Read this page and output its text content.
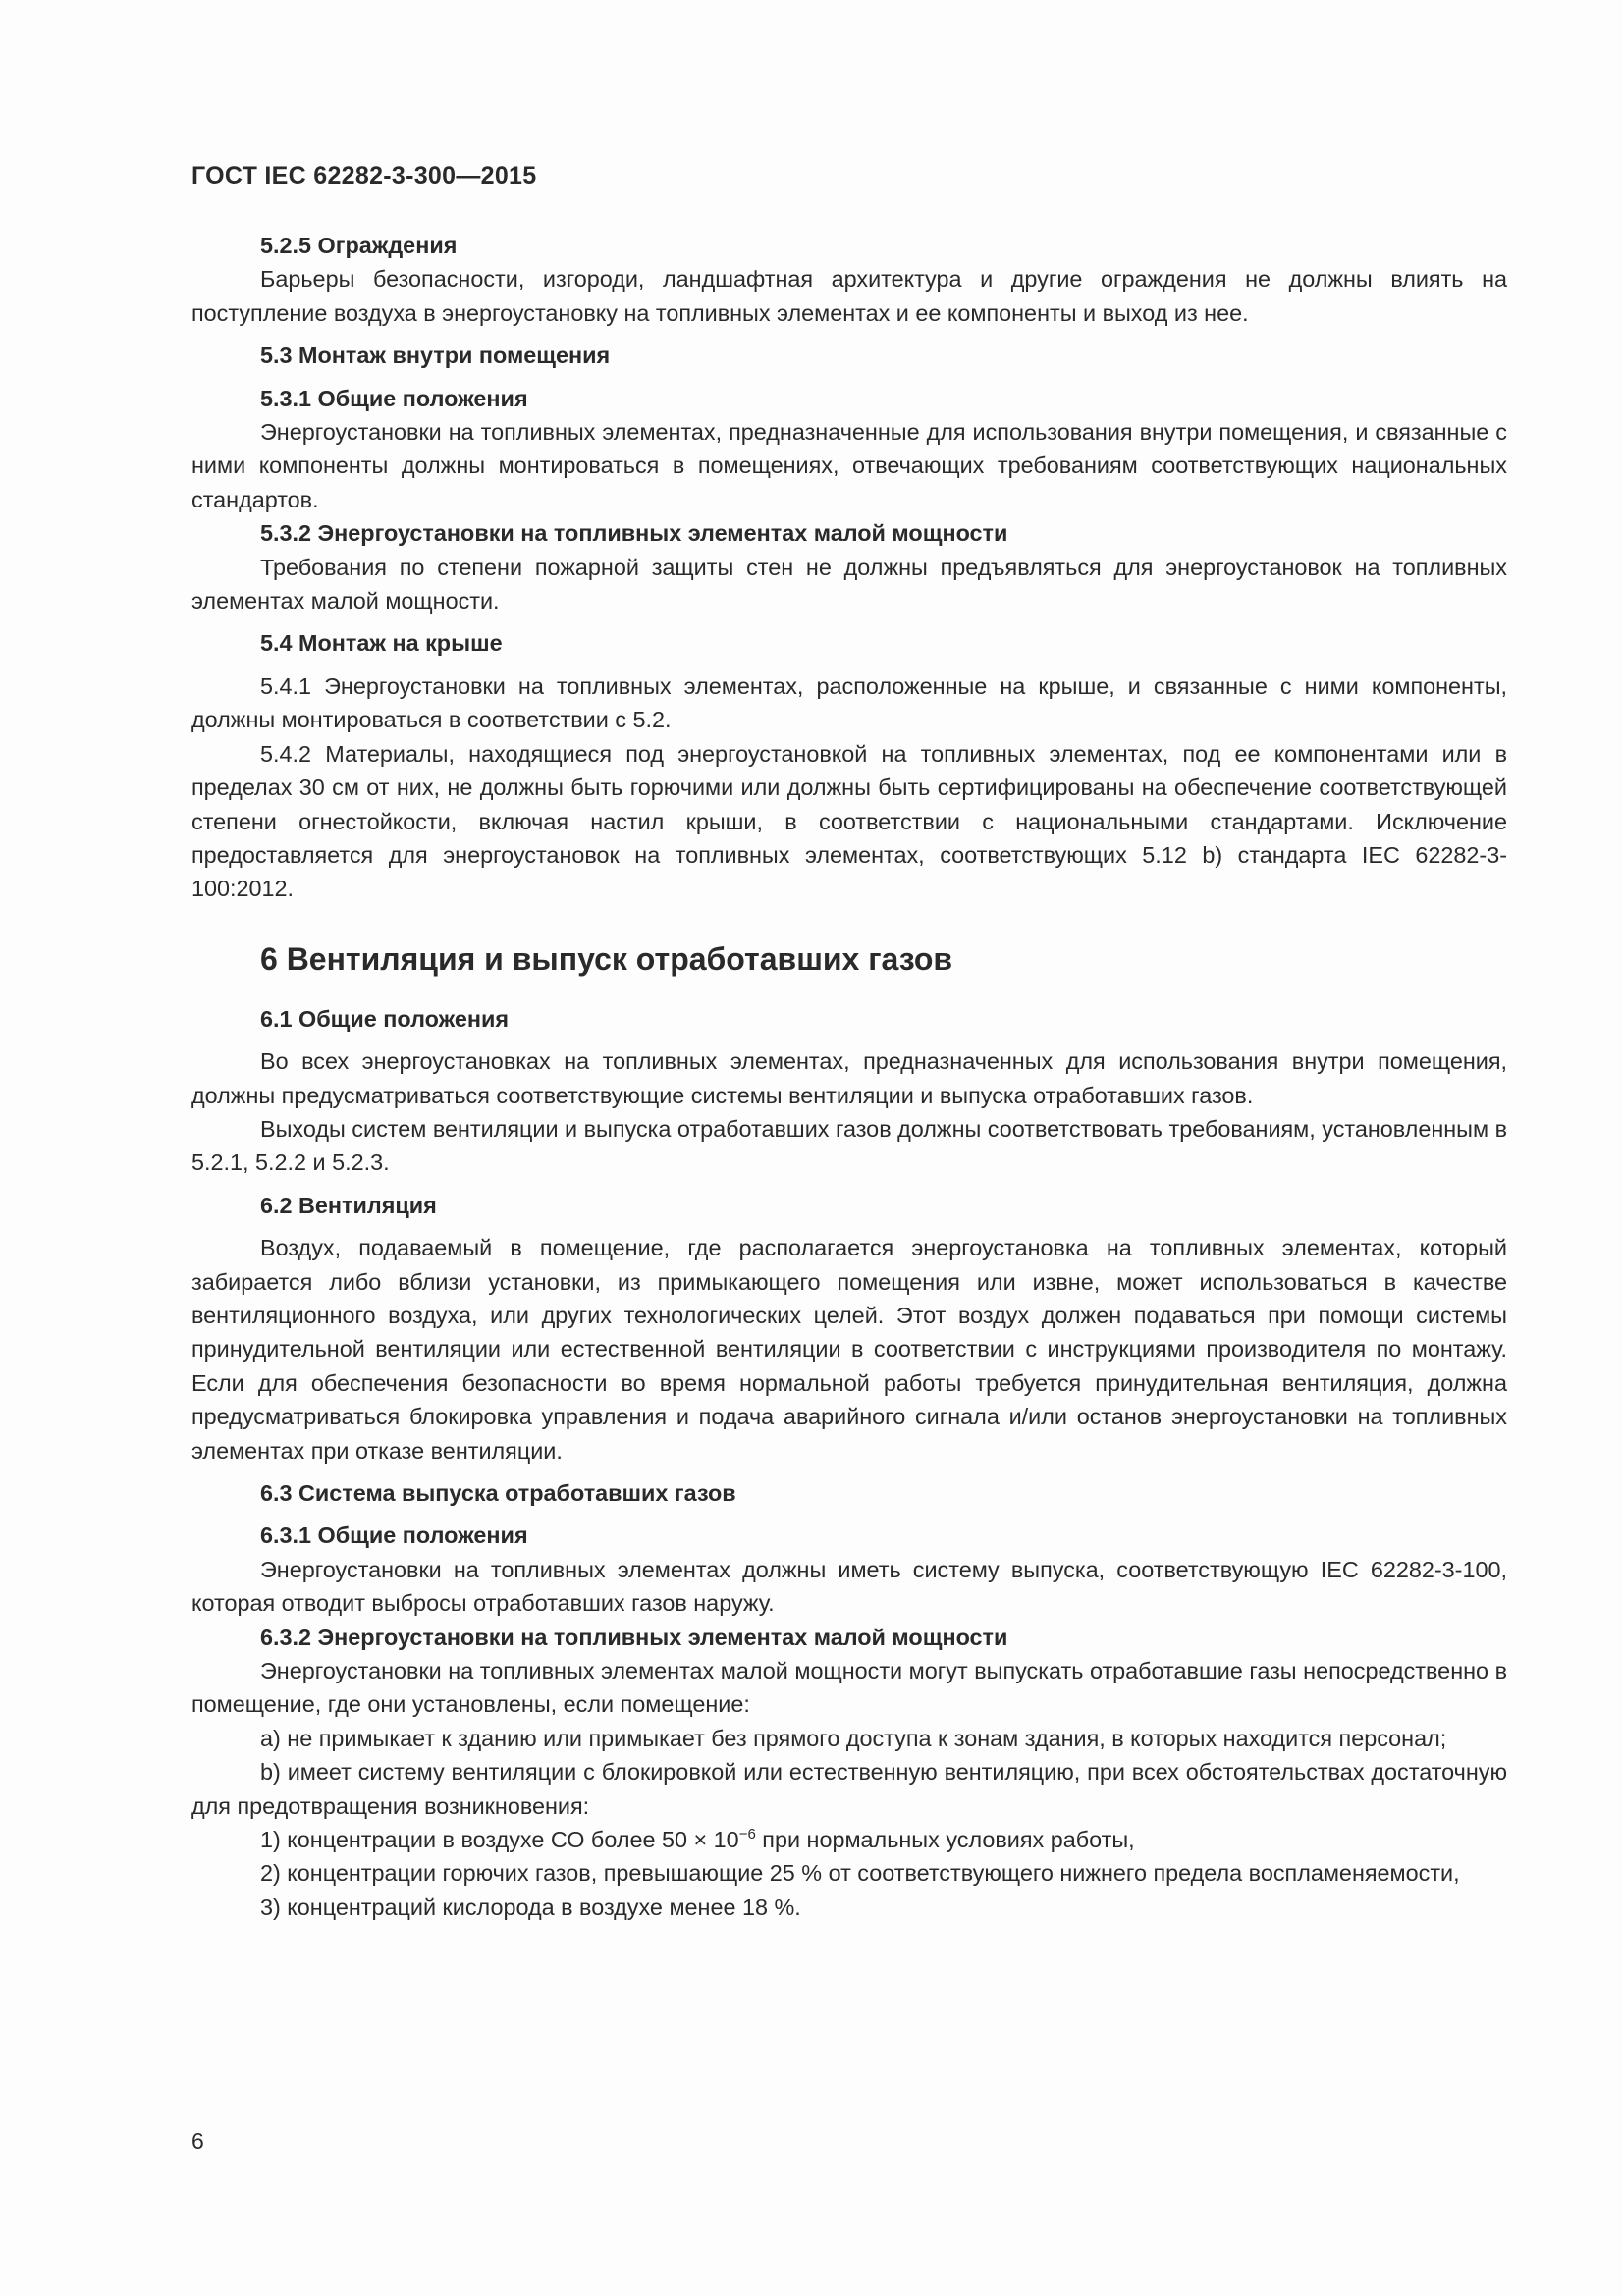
ГОСТ IEC 62282-3-300—2015

5.2.5 Ограждения

Барьеры безопасности, изгороди, ландшафтная архитектура и другие ограждения не должны влиять на поступление воздуха в энергоустановку на топливных элементах и ее компоненты и выход из нее.

5.3 Монтаж внутри помещения

5.3.1 Общие положения

Энергоустановки на топливных элементах, предназначенные для использования внутри помещения, и связанные с ними компоненты должны монтироваться в помещениях, отвечающих требованиям соответствующих национальных стандартов.

5.3.2 Энергоустановки на топливных элементах малой мощности

Требования по степени пожарной защиты стен не должны предъявляться для энергоустановок на топливных элементах малой мощности.

5.4 Монтаж на крыше

5.4.1 Энергоустановки на топливных элементах, расположенные на крыше, и связанные с ними компоненты, должны монтироваться в соответствии с 5.2.

5.4.2 Материалы, находящиеся под энергоустановкой на топливных элементах, под ее компонентами или в пределах 30 см от них, не должны быть горючими или должны быть сертифицированы на обеспечение соответствующей степени огнестойкости, включая настил крыши, в соответствии с национальными стандартами. Исключение предоставляется для энергоустановок на топливных элементах, соответствующих 5.12 b) стандарта IEC 62282-3-100:2012.

6 Вентиляция и выпуск отработавших газов

6.1 Общие положения

Во всех энергоустановках на топливных элементах, предназначенных для использования внутри помещения, должны предусматриваться соответствующие системы вентиляции и выпуска отработавших газов.

Выходы систем вентиляции и выпуска отработавших газов должны соответствовать требованиям, установленным в 5.2.1, 5.2.2 и 5.2.3.

6.2 Вентиляция

Воздух, подаваемый в помещение, где располагается энергоустановка на топливных элементах, который забирается либо вблизи установки, из примыкающего помещения или извне, может использоваться в качестве вентиляционного воздуха, или других технологических целей. Этот воздух должен подаваться при помощи системы принудительной вентиляции или естественной вентиляции в соответствии с инструкциями производителя по монтажу. Если для обеспечения безопасности во время нормальной работы требуется принудительная вентиляция, должна предусматриваться блокировка управления и подача аварийного сигнала и/или останов энергоустановки на топливных элементах при отказе вентиляции.

6.3 Система выпуска отработавших газов

6.3.1 Общие положения

Энергоустановки на топливных элементах должны иметь систему выпуска, соответствующую IEC 62282-3-100, которая отводит выбросы отработавших газов наружу.

6.3.2 Энергоустановки на топливных элементах малой мощности

Энергоустановки на топливных элементах малой мощности могут выпускать отработавшие газы непосредственно в помещение, где они установлены, если помещение:

a) не примыкает к зданию или примыкает без прямого доступа к зонам здания, в которых находится персонал;

b) имеет систему вентиляции с блокировкой или естественную вентиляцию, при всех обстоятельствах достаточную для предотвращения возникновения:

1) концентрации в воздухе СО более $50 \times 10^{-6}$ при нормальных условиях работы,

2) концентрации горючих газов, превышающие 25 % от соответствующего нижнего предела воспламеняемости,

3) концентраций кислорода в воздухе менее 18 %.

6
